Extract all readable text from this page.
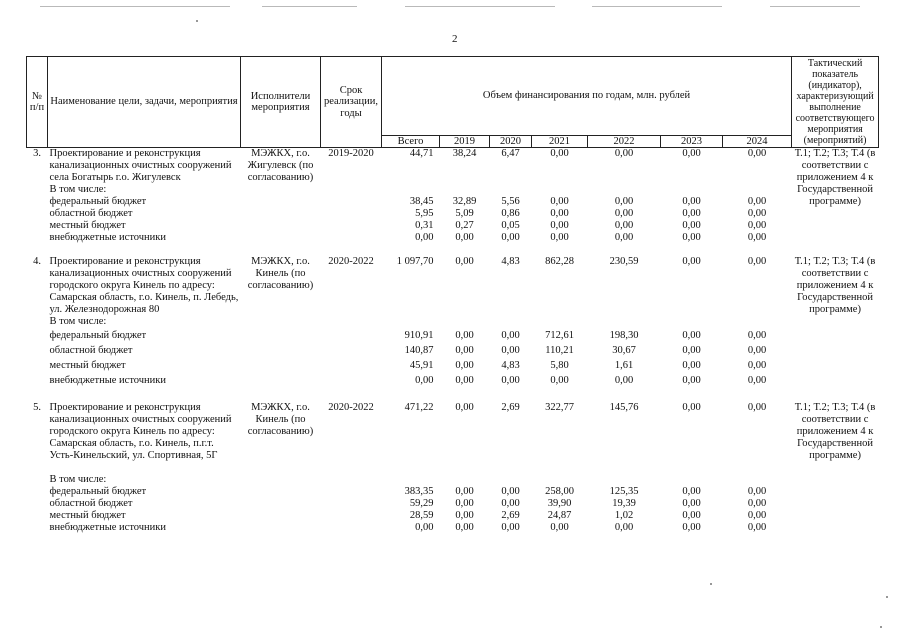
2
№ п/п	Наименование цели, задачи, мероприятия	Исполнители мероприятия	Срок реализации, годы	Объем финансирования по годам, млн. рублей							Тактический показатель (индикатор), характеризующий выполнение соответствующего мероприятия (мероприятий)
				Всего	2019	2020	2021	2022	2023	2024	
3.	Проектирование и реконструкция канализационных очистных сооружений села Богатырь г.о. Жигулевск	МЭЖКХ, г.о. Жигулевск (по согласованию)	2019-2020	44,71	38,24	6,47	0,00	0,00	0,00	0,00	Т.1; Т.2; Т.3; Т.4 (в соответствии с приложением 4 к Государственной программе)

	В том числе:										
	федеральный бюджет			38,45	32,89	5,56	0,00	0,00	0,00	0,00	
	областной бюджет			5,95	5,09	0,86	0,00	0,00	0,00	0,00	
	местный бюджет			0,31	0,27	0,05	0,00	0,00	0,00	0,00	
	внебюджетные источники			0,00	0,00	0,00	0,00	0,00	0,00	0,00	

4.	Проектирование и реконструкция канализационных очистных сооружений городского округа Кинель по адресу: Самарская область, г.о. Кинель, п. Лебедь, ул. Железнодорожная 80	МЭЖКХ, г.о. Кинель (по согласованию)	2020-2022	1 097,70	0,00	4,83	862,28	230,59	0,00	0,00	Т.1; Т.2; Т.3; Т.4 (в соответствии с приложением 4 к Государственной программе)
	В том числе:										
	федеральный бюджет			910,91	0,00	0,00	712,61	198,30	0,00	0,00	
	областной бюджет			140,87	0,00	0,00	110,21	30,67	0,00	0,00	
	местный бюджет			45,91	0,00	4,83	5,80	1,61	0,00	0,00	
	внебюджетные источники			0,00	0,00	0,00	0,00	0,00	0,00	0,00	

5.	Проектирование и реконструкция канализационных очистных сооружений городского округа Кинель по адресу: Самарская область, г.о. Кинель, п.г.т. Усть-Кинельский, ул. Спортивная, 5Г	МЭЖКХ, г.о. Кинель (по согласованию)	2020-2022	471,22	0,00	2,69	322,77	145,76	0,00	0,00	Т.1; Т.2; Т.3; Т.4 (в соответствии с приложением 4 к Государственной программе)
	В том числе:										
	федеральный бюджет			383,35	0,00	0,00	258,00	125,35	0,00	0,00	
	областной бюджет			59,29	0,00	0,00	39,90	19,39	0,00	0,00	
	местный бюджет			28,59	0,00	2,69	24,87	1,02	0,00	0,00	
	внебюджетные источники			0,00	0,00	0,00	0,00	0,00	0,00	0,00	
